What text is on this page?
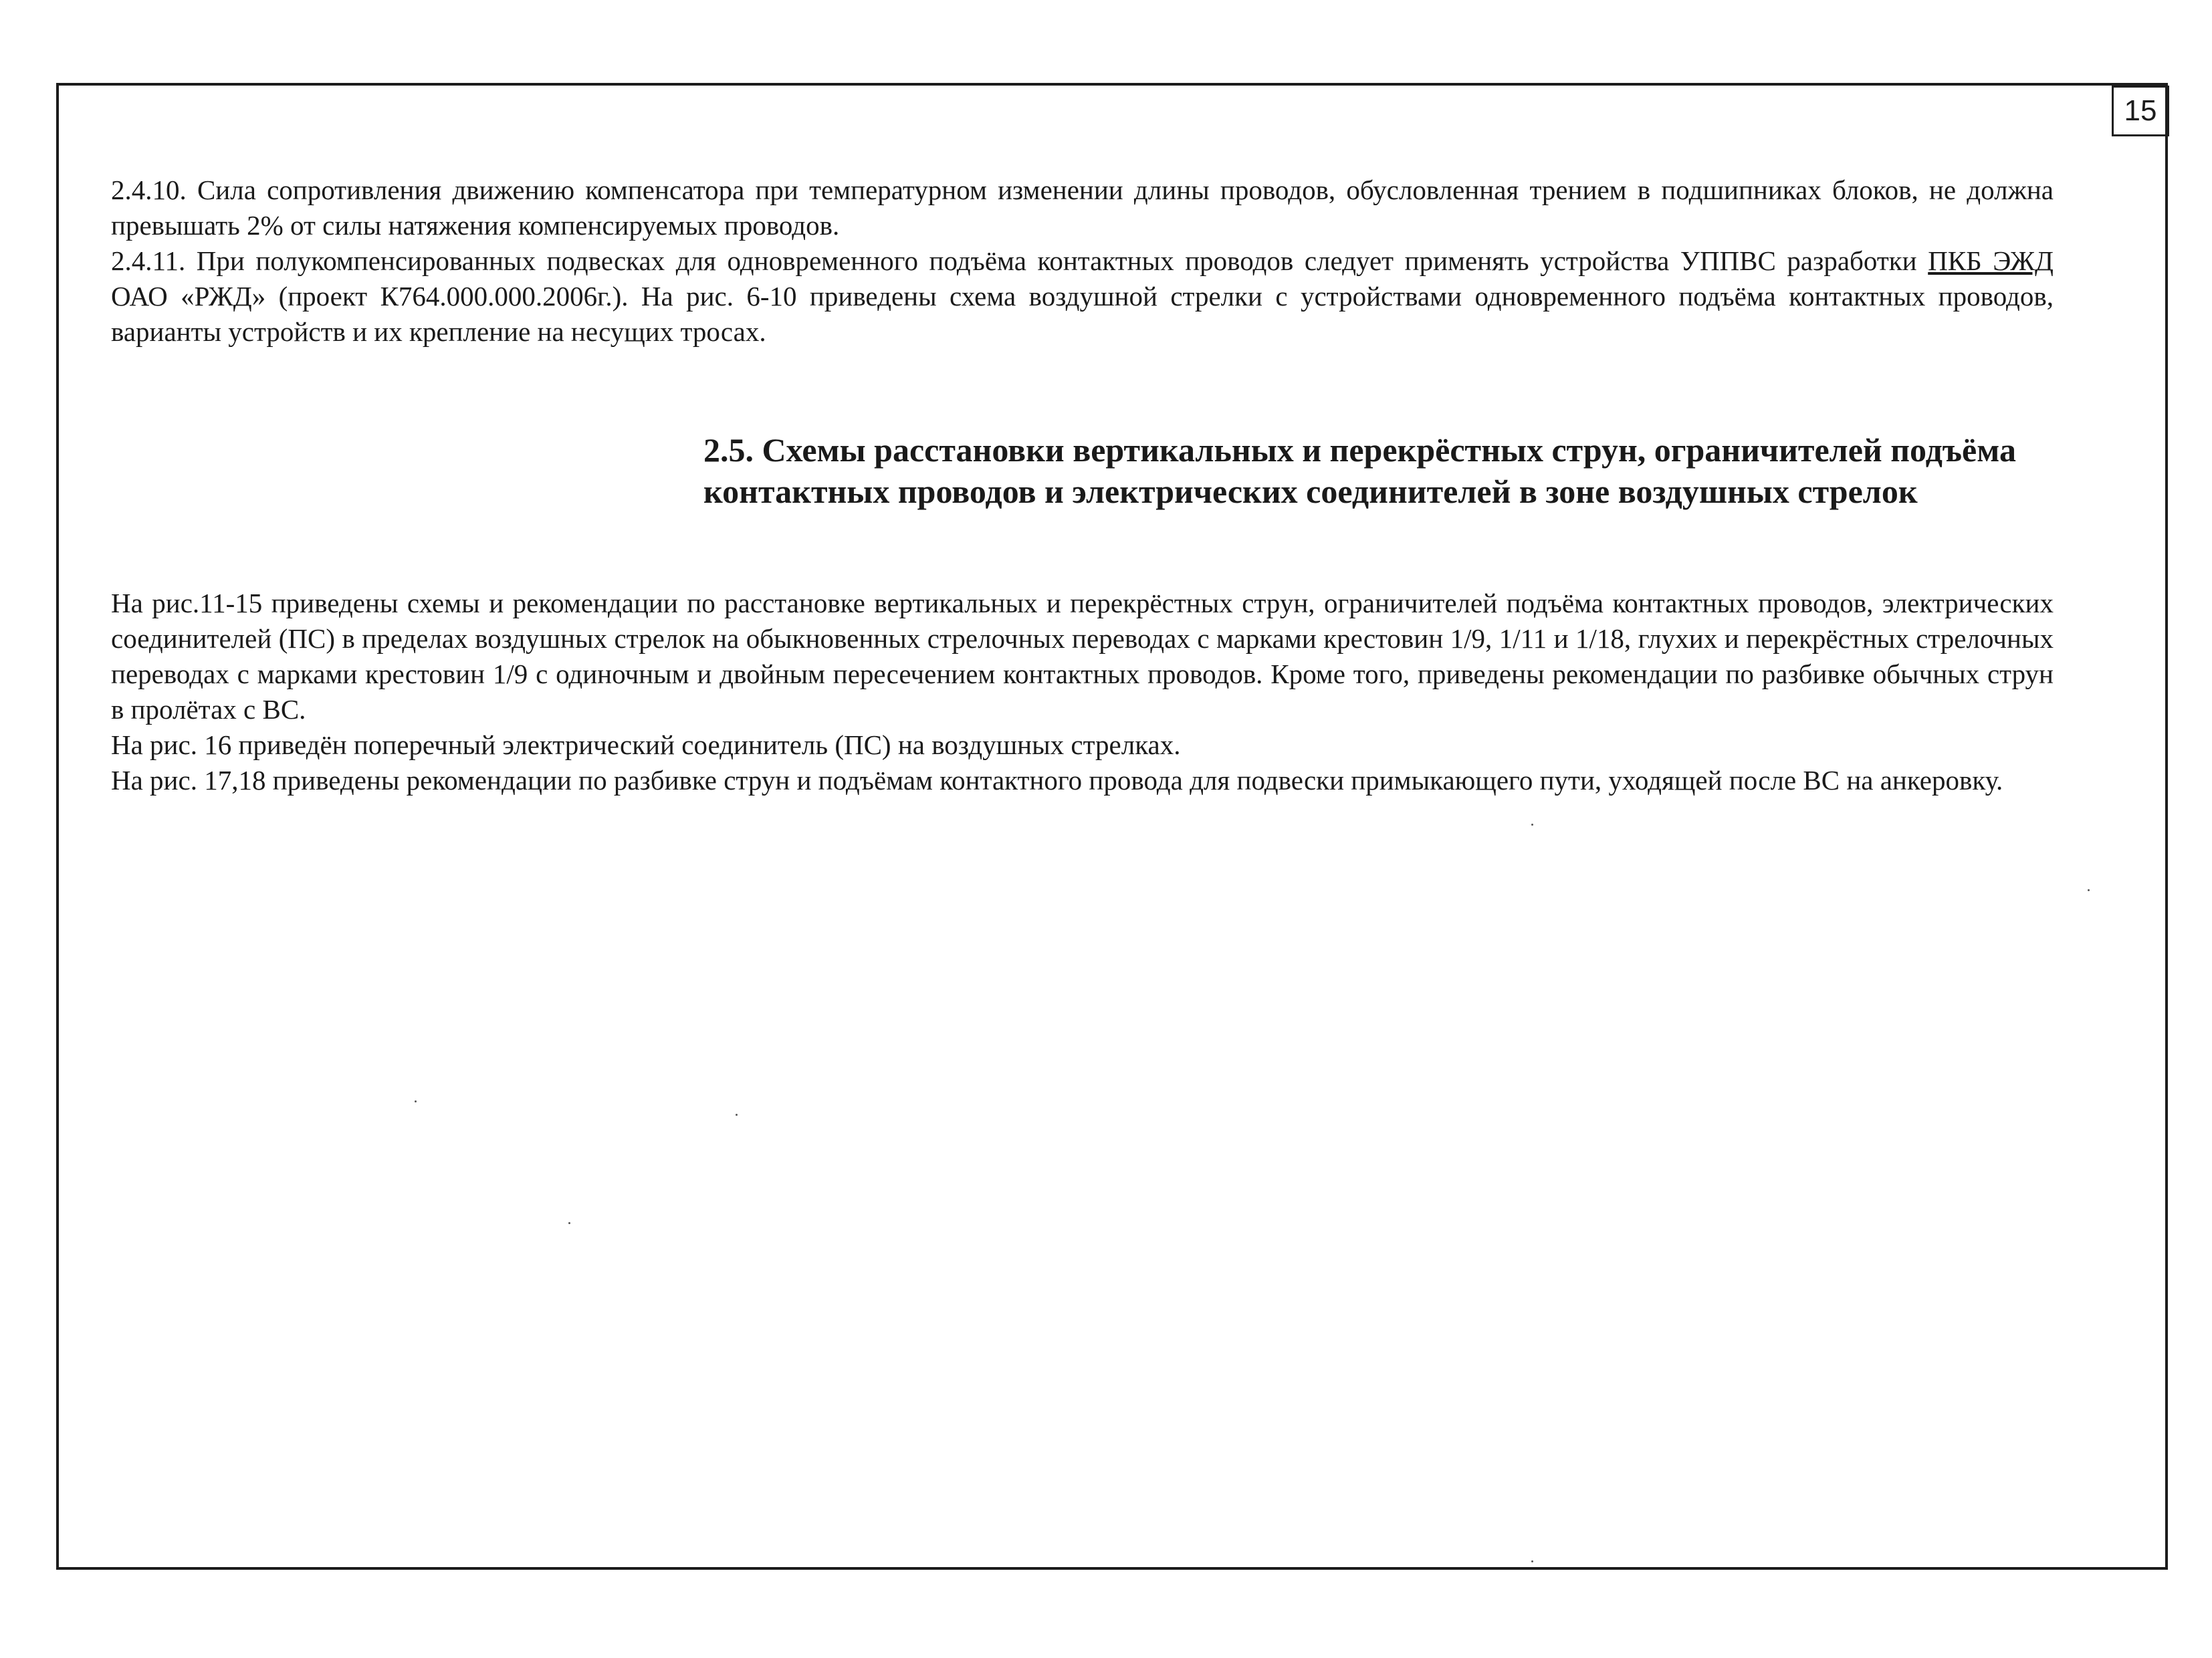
15

2.4.10. Сила сопротивления движению компенсатора при температурном изменении длины проводов, обусловленная трением в подшипниках блоков, не должна превышать 2% от силы натяжения компенсируемых проводов.

2.4.11. При полукомпенсированных подвесках для одновременного подъёма контактных проводов следует применять устройства УППВС разработки ПКБ ЭЖД ОАО «РЖД» (проект К764.000.000.2006г.). На рис. 6-10 приведены схема воздушной стрелки с устройствами одновременного подъёма контактных проводов, варианты устройств и их крепление на несущих тросах.

2.5. Схемы расстановки вертикальных и перекрёстных струн, ограничителей подъёма контактных проводов и электрических соединителей в зоне воздушных стрелок

На рис.11-15 приведены схемы и рекомендации по расстановке вертикальных и перекрёстных струн, ограничителей подъёма контактных проводов, электрических соединителей (ПС) в пределах воздушных стрелок на обыкновенных стрелочных переводах с марками крестовин 1/9, 1/11 и 1/18, глухих и перекрёстных стрелочных переводах с марками крестовин 1/9 с одиночным и двойным пересечением контактных проводов. Кроме того, приведены рекомендации по разбивке обычных струн в пролётах с ВС.

На рис. 16 приведён поперечный электрический соединитель (ПС) на воздушных стрелках.

На рис. 17,18 приведены рекомендации по разбивке струн и подъёмам контактного провода для подвески примыкающего пути, уходящей после ВС на анкеровку.
